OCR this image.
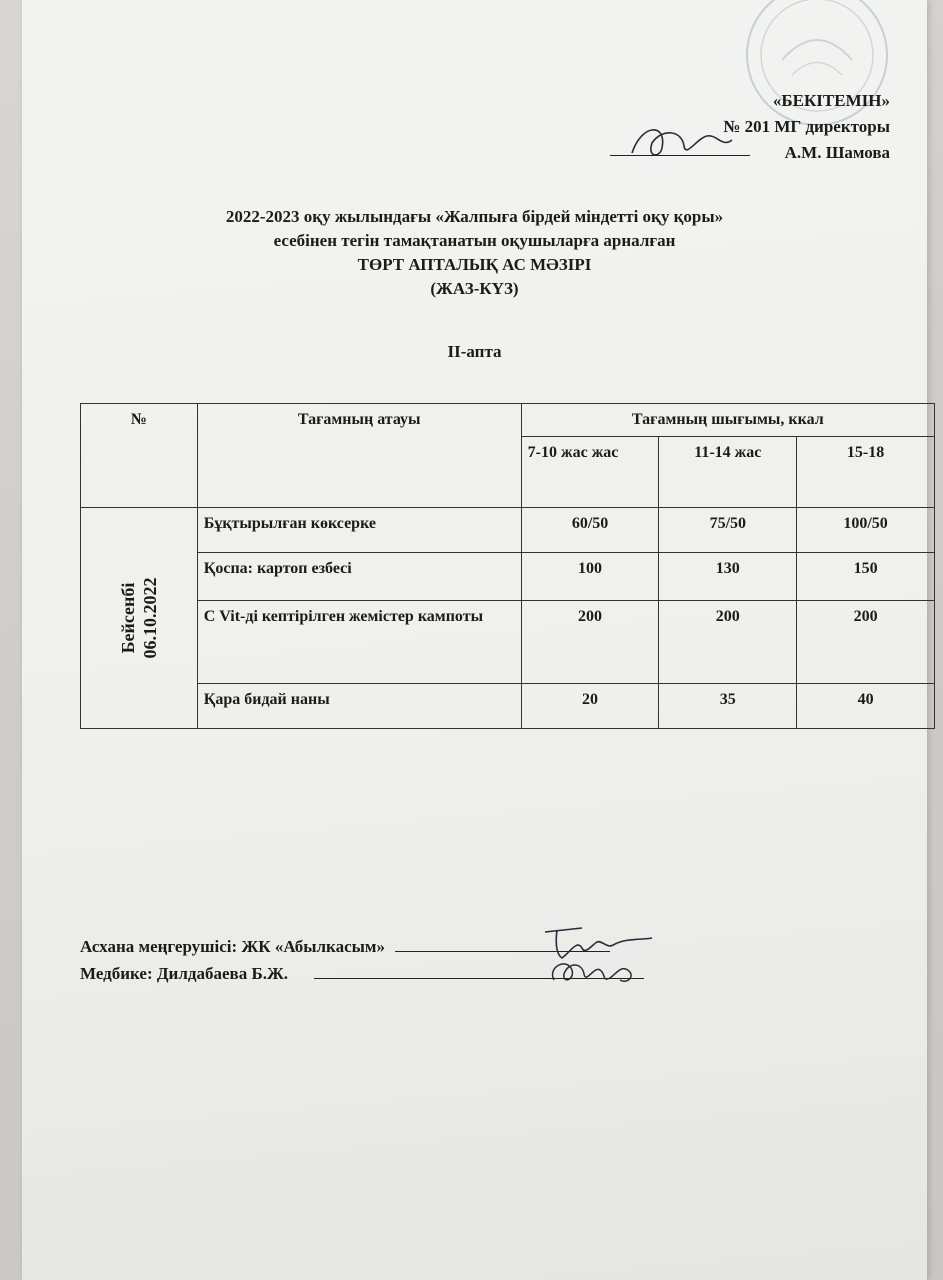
«БЕКІТЕМІН»
№ 201 МГ директоры
А.М. Шамова
2022-2023 оқу жылындағы «Жалпыға бірдей міндетті оқу қоры»
есебінен тегін тамақтанатын оқушыларға арналған
ТӨРТ АПТАЛЫҚ АС МӘЗІРІ
(ЖАЗ-КҮЗ)
ІІ-апта
№	Тағамның атауы	Тағамның шығымы, ккал		
		7-10 жас жас	11-14 жас	15-18

Бейсенбі 06.10.2022	Бұқтырылған көксерке	60/50	75/50	100/50
	Қоспа: картоп езбесі	100	130	150
	С Vit-ді кептірілген жемістер кампоты	200	200	200
	Қара бидай наны	20	35	40
Асхана меңгерушісі: ЖК «Абылкасым»
Медбике: Дилдабаева Б.Ж.
